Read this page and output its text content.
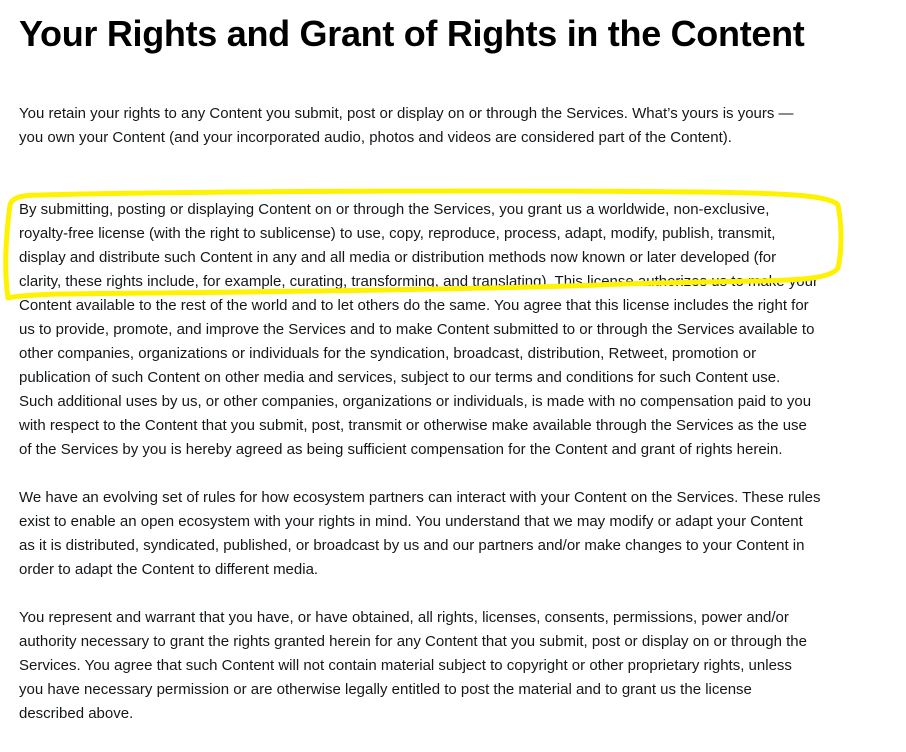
Your Rights and Grant of Rights in the Content

You retain your rights to any Content you submit, post or display on or through the Services. What’s yours is yours —
you own your Content (and your incorporated audio, photos and videos are considered part of the Content).

By submitting, posting or displaying Content on or through the Services, you grant us a worldwide, non-exclusive,
royalty-free license (with the right to sublicense) to use, copy, reproduce, process, adapt, modify, publish, transmit,
display and distribute such Content in any and all media or distribution methods now known or later developed (for
clarity, these rights include, for example, curating, transforming, and translating). This license authorizes us to make your
Content available to the rest of the world and to let others do the same. You agree that this license includes the right for
us to provide, promote, and improve the Services and to make Content submitted to or through the Services available to
other companies, organizations or individuals for the syndication, broadcast, distribution, Retweet, promotion or
publication of such Content on other media and services, subject to our terms and conditions for such Content use.
Such additional uses by us, or other companies, organizations or individuals, is made with no compensation paid to you
with respect to the Content that you submit, post, transmit or otherwise make available through the Services as the use
of the Services by you is hereby agreed as being sufficient compensation for the Content and grant of rights herein.

We have an evolving set of rules for how ecosystem partners can interact with your Content on the Services. These rules
exist to enable an open ecosystem with your rights in mind. You understand that we may modify or adapt your Content
as it is distributed, syndicated, published, or broadcast by us and our partners and/or make changes to your Content in
order to adapt the Content to different media.

You represent and warrant that you have, or have obtained, all rights, licenses, consents, permissions, power and/or
authority necessary to grant the rights granted herein for any Content that you submit, post or display on or through the
Services. You agree that such Content will not contain material subject to copyright or other proprietary rights, unless
you have necessary permission or are otherwise legally entitled to post the material and to grant us the license
described above.
